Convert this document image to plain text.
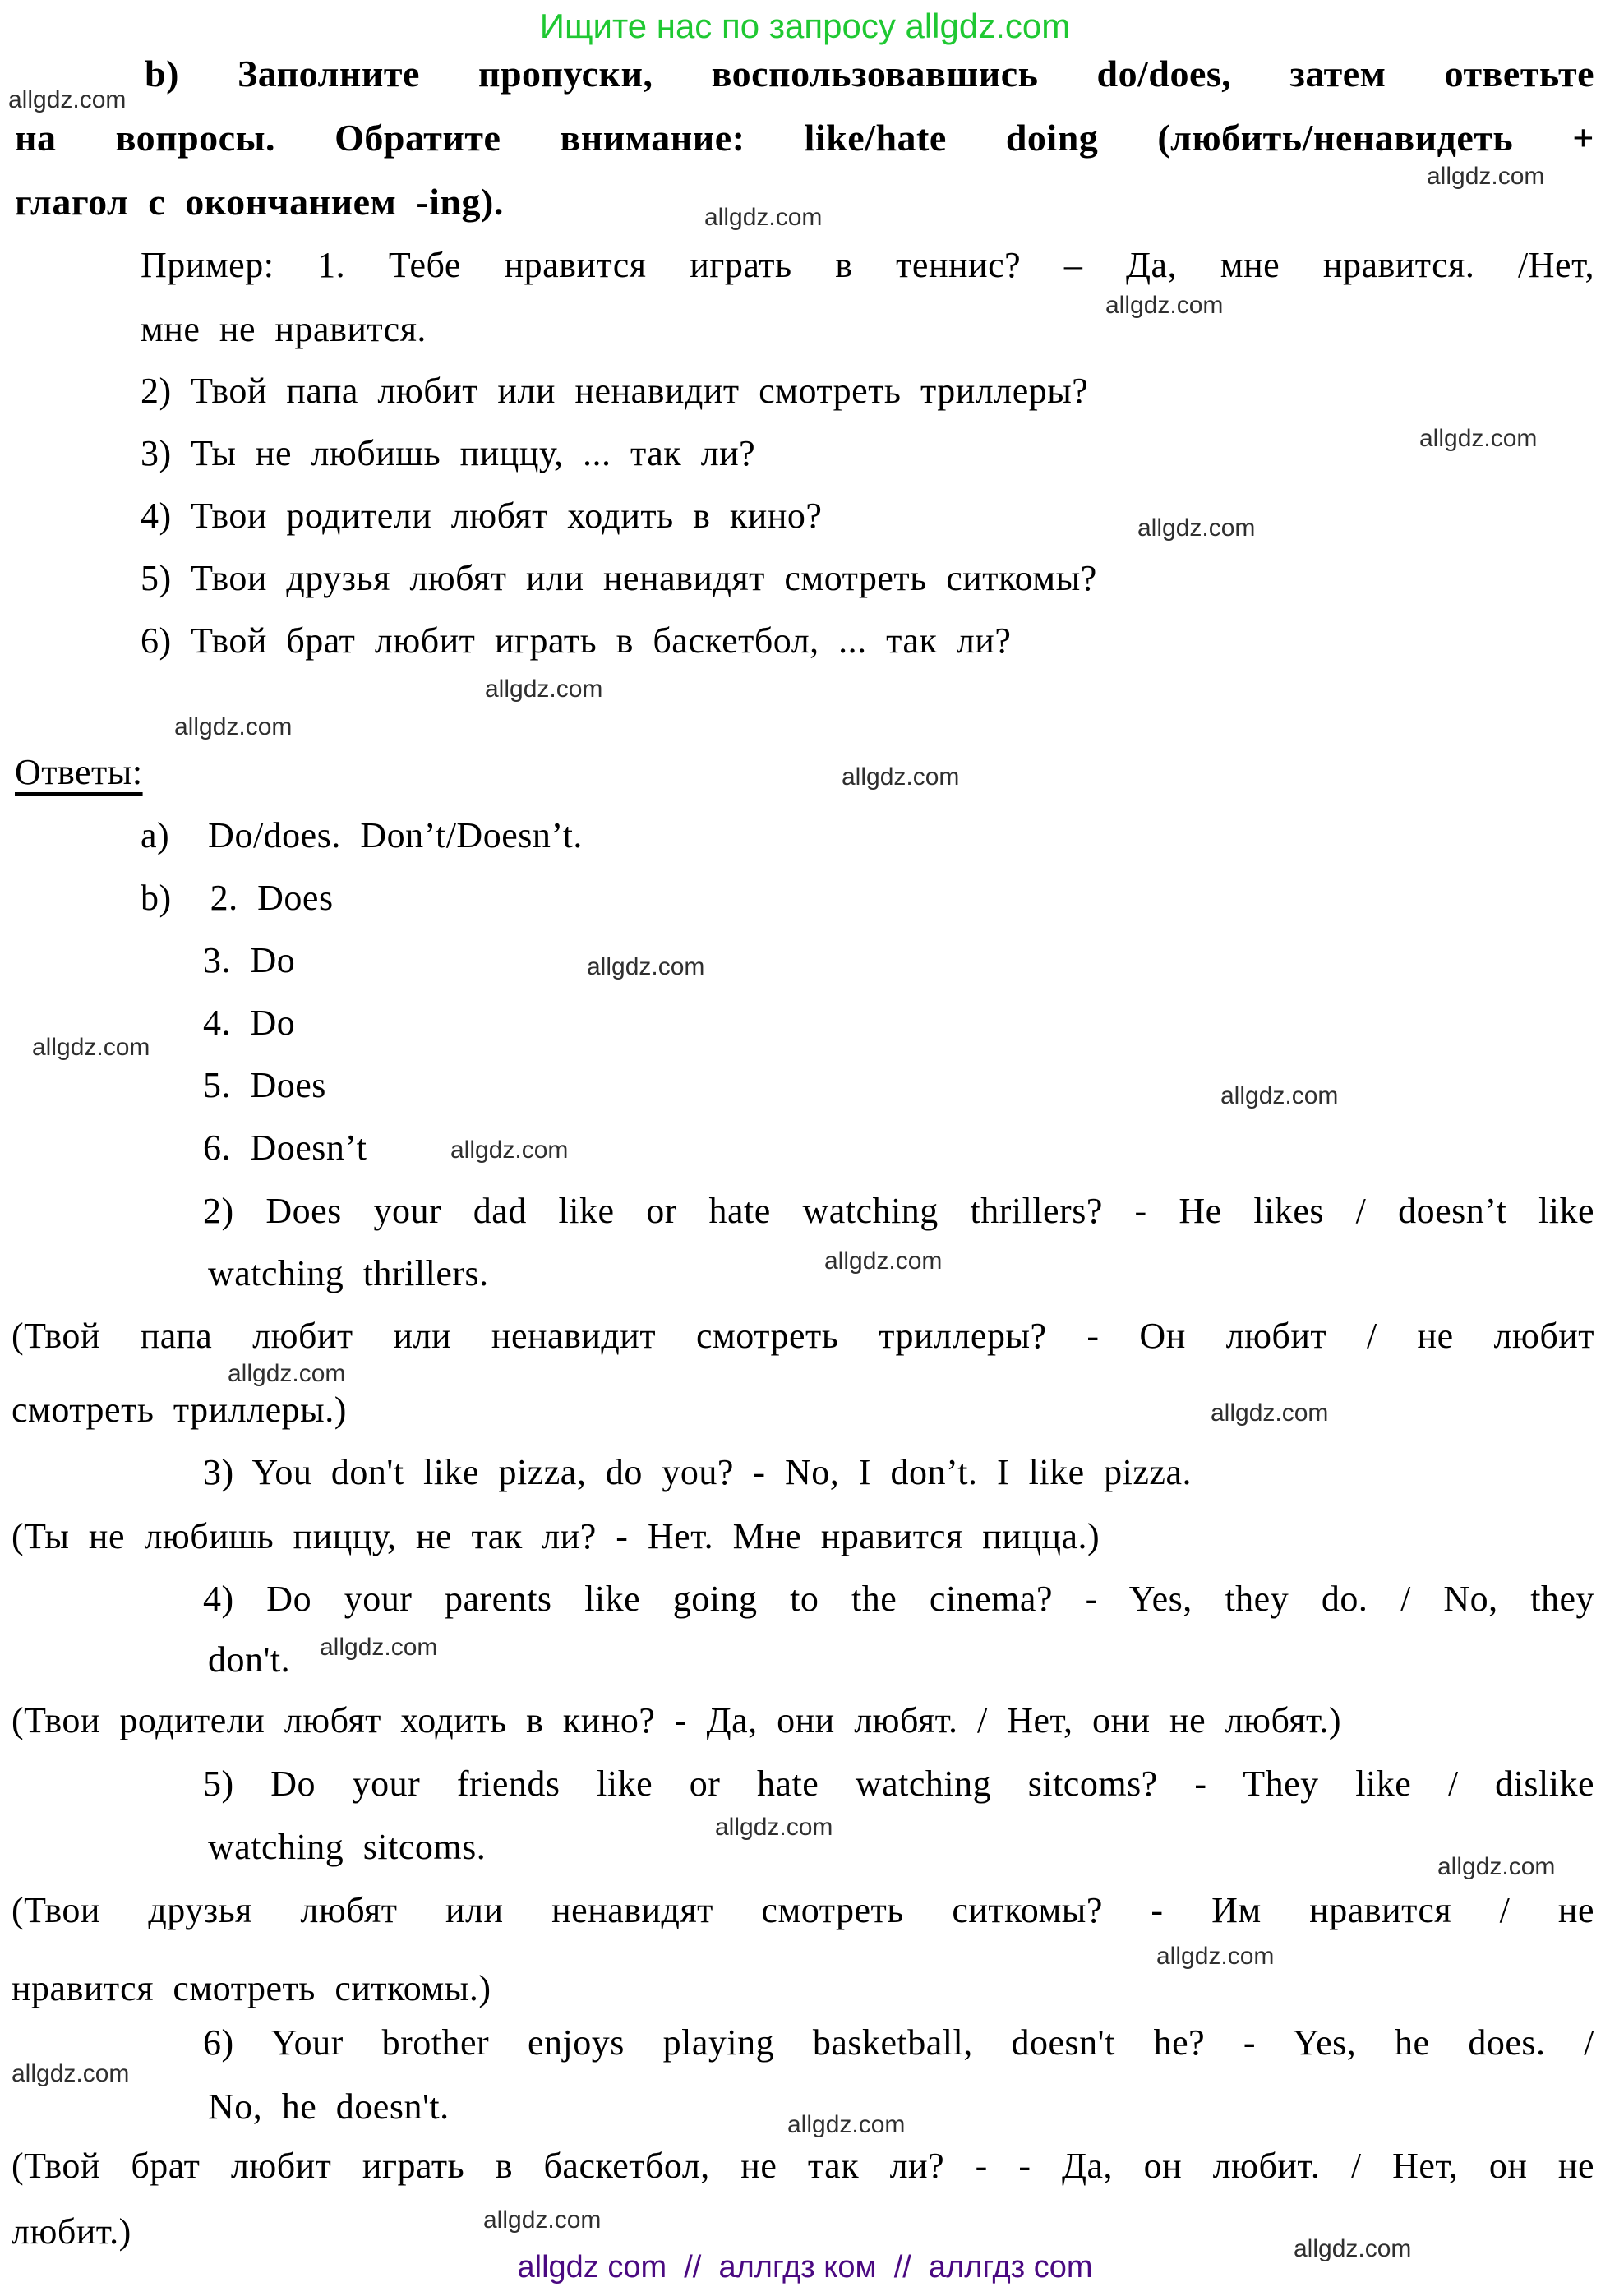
Ищите нас по запросу allgdz.com
b) Заполните пропуски, воспользовавшись do/does, затем ответьте
на вопросы. Обратите внимание: like/hate doing (любить/ненавидеть +
глагол с окончанием -ing).
Пример: 1. Тебе нравится играть в теннис? – Да, мне нравится. /Нет,
мне не нравится.
2) Твой папа любит или ненавидит смотреть триллеры?
3) Ты не любишь пиццу, ... так ли?
4) Твои родители любят ходить в кино?
5) Твои друзья любят или ненавидят смотреть ситкомы?
6) Твой брат любит играть в баскетбол, ... так ли?
Ответы:
a)  Do/does. Don’t/Doesn’t.
b)  2. Does
3. Do
4. Do
5. Does
6. Doesn’t
2) Does your dad like or hate watching thrillers? - He likes / doesn’t like
watching thrillers.
(Твой папа любит или ненавидит смотреть триллеры? - Он любит / не любит
смотреть триллеры.)
3) You don't like pizza, do you? - No, I don’t. I like pizza.
(Ты не любишь пиццу, не так ли? - Нет. Мне нравится пицца.)
4) Do your parents like going to the cinema? - Yes, they do. / No, they
don't.
(Твои родители любят ходить в кино? - Да, они любят. / Нет, они не любят.)
5) Do your friends like or hate watching sitcoms? - They like / dislike
watching sitcoms.
(Твои друзья любят или ненавидят смотреть ситкомы? - Им нравится / не
нравится смотреть ситкомы.)
6) Your brother enjoys playing basketball, doesn't he? - Yes, he does. /
No, he doesn't.
(Твой брат любит играть в баскетбол, не так ли? - - Да, он любит. / Нет, он не
любит.)
allgdz.com
allgdz.com
allgdz.com
allgdz.com
allgdz.com
allgdz.com
allgdz.com
allgdz.com
allgdz.com
allgdz.com
allgdz.com
allgdz.com
allgdz.com
allgdz.com
allgdz.com
allgdz.com
allgdz.com
allgdz.com
allgdz.com
allgdz.com
allgdz.com
allgdz.com
allgdz.com
allgdz.com
allgdz com  //  аллгдз ком  //  аллгдз com
